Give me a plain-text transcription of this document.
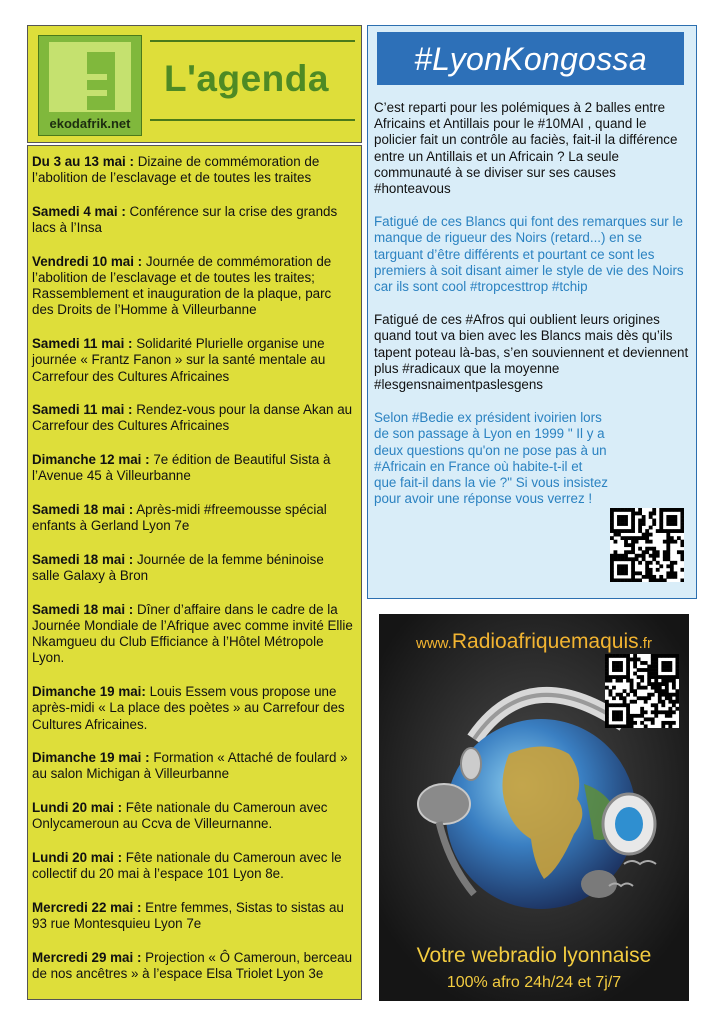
ekodafrik.net
L'agenda

Du 3 au 13 mai : Dizaine de commémoration de l’abolition de l’esclavage et de toutes les traites

Samedi 4 mai : Conférence sur la crise des grands lacs à l’Insa

Vendredi 10 mai : Journée de commémoration de l’abolition de l’esclavage et de toutes les traites; Rassemblement et inauguration de la plaque, parc des Droits de l’Homme à Villeurbanne

Samedi 11 mai : Solidarité Plurielle organise une journée « Frantz Fanon » sur la santé mentale au Carrefour des Cultures Africaines

Samedi 11 mai : Rendez-vous pour la danse Akan au Carrefour des Cultures Africaines

Dimanche 12 mai : 7e édition de Beautiful Sista à l’Avenue 45 à Villeurbanne

Samedi 18 mai : Après-midi #freemousse spécial enfants à Gerland Lyon 7e

Samedi 18 mai : Journée de la femme béninoise salle Galaxy à Bron

Samedi 18 mai : Dîner d’affaire dans le cadre de la Journée Mondiale de l’Afrique avec comme invité Ellie Nkamgueu du Club Efficiance à l’Hôtel Métropole Lyon.

Dimanche 19 mai: Louis Essem vous propose une après-midi « La place des poètes » au Carrefour des Cultures Africaines.

Dimanche 19 mai : Formation « Attaché de foulard » au salon Michigan à Villeurbanne

Lundi 20 mai : Fête nationale du Cameroun avec Onlycameroun au Ccva de Villeurnanne.

Lundi 20 mai : Fête nationale du Cameroun avec le collectif du 20 mai à l’espace 101 Lyon 8e.

Mercredi 22 mai : Entre femmes, Sistas to sistas au 93 rue Montesquieu Lyon 7e

Mercredi 29 mai : Projection « Ô Cameroun, berceau de nos ancêtres » à l’espace Elsa Triolet Lyon 3e

#LyonKongossa

C’est reparti pour les polémiques à 2 balles entre Africains et Antillais pour le #10MAI , quand le policier fait un contrôle au faciès, fait-il la différence entre un Antillais et un Africain ? La seule communauté à se diviser sur ses causes #honteavous

Fatigué de ces Blancs qui font des remarques sur le manque de rigueur des Noirs (retard...) en se targuant d’être différents et pourtant ce sont les premiers à soit disant aimer le style de vie des Noirs car ils sont cool #tropcesttrop #tchip

Fatigué de ces #Afros qui oublient leurs origines quand tout va bien avec les Blancs mais dès qu’ils tapent poteau là-bas, s’en souviennent et deviennent plus #radicaux que la moyenne #lesgensnaimentpaslesgens

Selon #Bedie ex président ivoirien lors de son passage à Lyon en 1999 " Il y a deux questions qu'on ne pose pas à un #Africain en France où habite-t-il et que fait-il dans la vie ?" Si vous insistez pour avoir une réponse vous verrez !

www.Radioafriquemaquis.fr
Votre webradio lyonnaise
100% afro 24h/24 et 7j/7
